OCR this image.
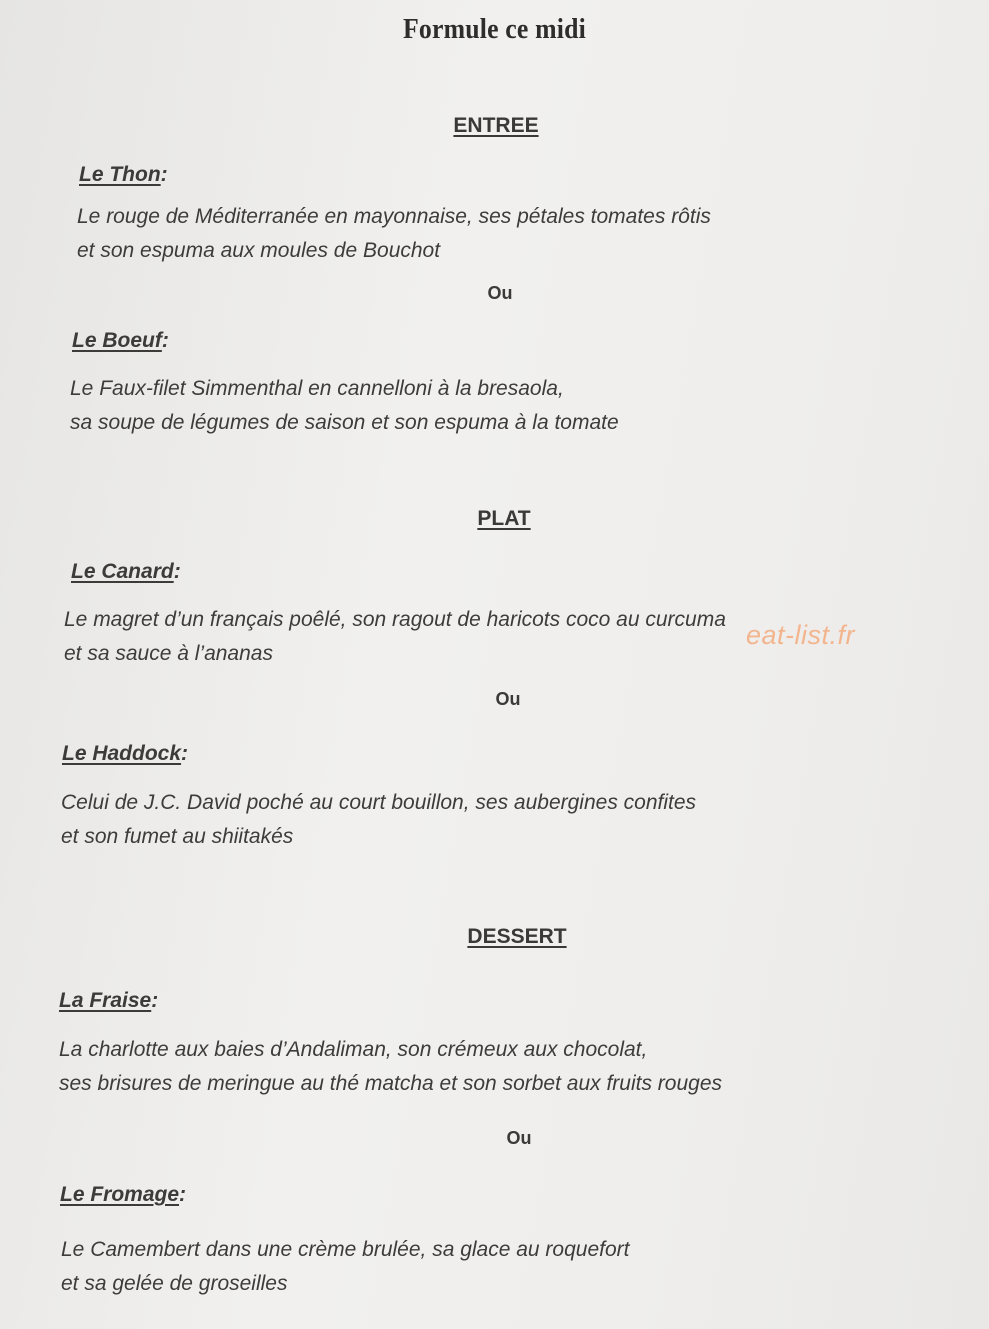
Formule ce midi
ENTREE
Le Thon:
Le rouge de Méditerranée en mayonnaise, ses pétales tomates rôtis
et son espuma aux moules de Bouchot
Ou
Le Boeuf:
Le Faux-filet Simmenthal en cannelloni à la bresaola,
sa soupe de légumes de saison et son espuma à la tomate
PLAT
Le Canard:
Le magret d’un français poêlé, son ragout de haricots coco au curcuma
et sa sauce à l’ananas
eat-list.fr
Ou
Le Haddock:
Celui de J.C. David poché au court bouillon, ses aubergines confites
et son fumet au shiitakés
DESSERT
La Fraise:
La charlotte aux baies d’Andaliman, son crémeux aux chocolat,
ses brisures de meringue au thé matcha et son sorbet aux fruits rouges
Ou
Le Fromage:
Le Camembert dans une crème brulée, sa glace au roquefort
et sa gelée de groseilles
